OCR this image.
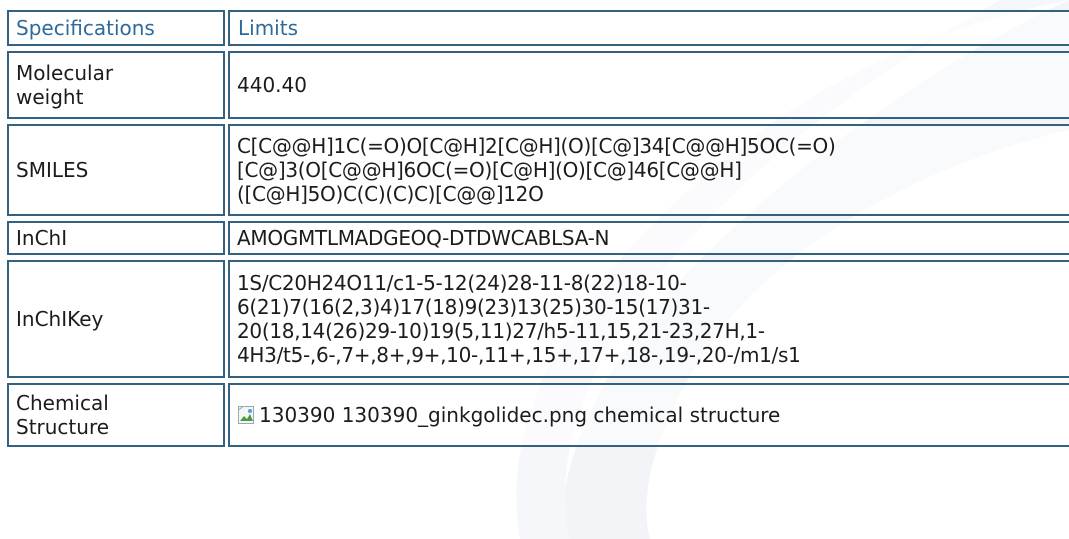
Specifications	Limits

Molecular
weight	440.40
SMILES	C[C@@H]1C(=O)O[C@H]2[C@H](O)[C@]34[C@@H]5OC(=O)
[C@]3(O[C@@H]6OC(=O)[C@H](O)[C@]46[C@@H]
([C@H]5O)C(C)(C)C)[C@@]12O

InChI	AMOGMTLMADGEOQ-DTDWCABLSA-N
InChIKey	1S/C20H24O11/c1-5-12(24)28-11-8(22)18-10-
6(21)7(16(2,3)4)17(18)9(23)13(25)30-15(17)31-
20(18,14(26)29-10)19(5,11)27/h5-11,15,21-23,27H,1-
4H3/t5-,6-,7+,8+,9+,10-,11+,15+,17+,18-,19-,20-/m1/s1

Chemical
Structure	130390 130390_ginkgolidec.png chemical structure
